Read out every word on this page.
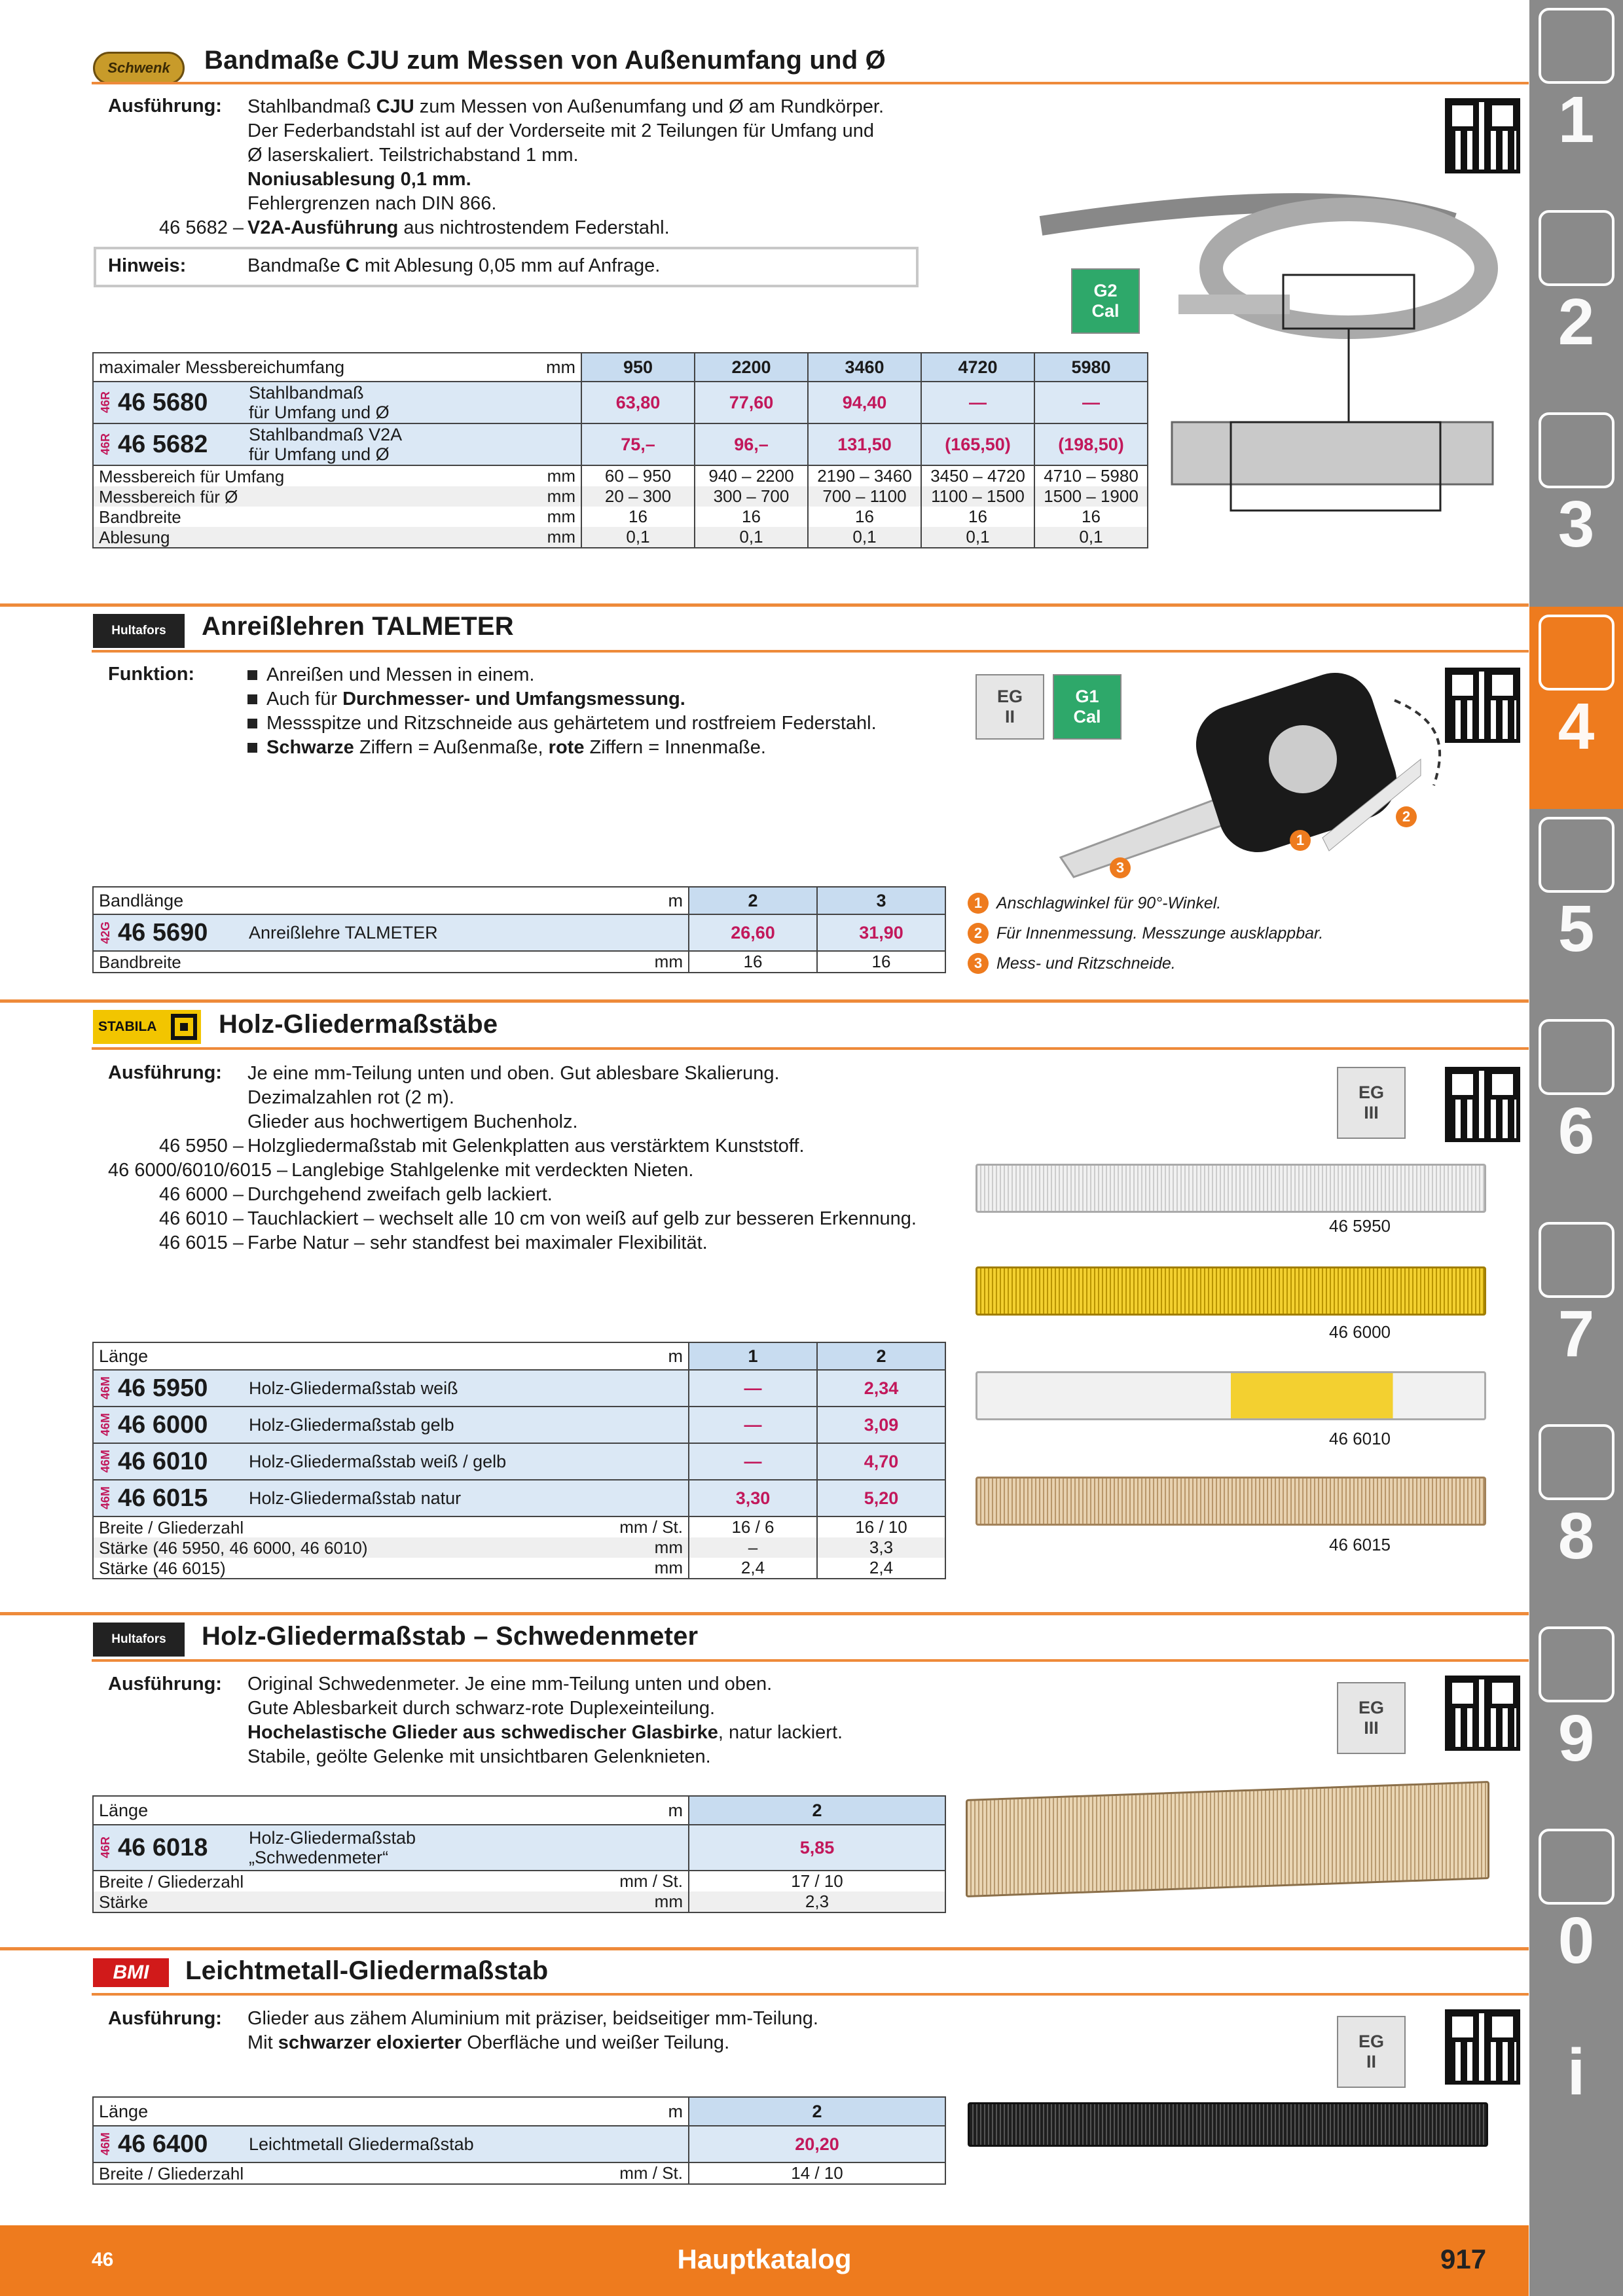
1
2
3
4
5
6
7
8
9
0
i
Schwenk	Bandmaße CJU zum Messen von Außenumfang und Ø
Ausführung: Stahlbandmaß CJU zum Messen von Außenumfang und Ø am Rundkörper.
Der Federbandstahl ist auf der Vorderseite mit 2 Teilungen für Umfang und
Ø laserskaliert. Teilstrichabstand 1 mm.
Noniusablesung 0,1 mm.
Fehlergrenzen nach DIN 866.
46 5682 – V2A-Ausführung aus nichtrostendem Federstahl.
Hinweis:	Bandmaße C mit Ablesung 0,05 mm auf Anfrage.
G2
Cal
maximaler Messbereichumfang		mm	950	2200	3460	4720	5980

46R 46 5680	Stahlbandmaß
für Umfang und Ø		63,80	77,60	94,40	—	—

46R 46 5682	Stahlbandmaß V2A
für Umfang und Ø		75,–	96,–	131,50	(165,50)	(198,50)
Messbereich für Umfang		mm	60 – 950	940 – 2200	2190 – 3460	3450 – 4720	4710 – 5980
Messbereich für Ø		mm	20 – 300	300 – 700	700 – 1100	1100 – 1500	1500 – 1900
Bandbreite		mm	16	16	16	16	16
Ablesung		mm	0,1	0,1	0,1	0,1	0,1
Hultafors	Anreißlehren TALMETER
Funktion:	Anreißen und Messen in einem.
Auch für Durchmesser- und Umfangsmessung.
Messspitze und Ritzschneide aus gehärtetem und rostfreiem Federstahl.
Schwarze Ziffern = Außenmaße, rote Ziffern = Innenmaße.
EG
II
G1
Cal
1
2
3
Bandlänge		m	2	3

42G 46 5690	Anreißlehre TALMETER		26,60	31,90
Bandbreite		mm	16	16
1 Anschlagwinkel für 90°-Winkel.
2 Für Innenmessung. Messzunge ausklappbar.
3 Mess- und Ritzschneide.
STABILA Holz-Gliedermaßstäbe
Ausführung: Je eine mm-Teilung unten und oben. Gut ablesbare Skalierung.
Dezimalzahlen rot (2 m).
Glieder aus hochwertigem Buchenholz.
46 5950 – Holzgliedermaßstab mit Gelenkplatten aus verstärktem Kunststoff.
46 6000/6010/6015 – Langlebige Stahlgelenke mit verdeckten Nieten.
46 6000 – Durchgehend zweifach gelb lackiert.
46 6010 – Tauchlackiert – wechselt alle 10 cm von weiß auf gelb zur besseren Erkennung.
46 6015 – Farbe Natur – sehr standfest bei maximaler Flexibilität.
EG
III
46 5950
46 6000
46 6010
46 6015
Länge		m	1	2

46M 46 5950	Holz-Gliedermaßstab weiß		—	2,34

46M 46 6000	Holz-Gliedermaßstab gelb		—	3,09

46M 46 6010	Holz-Gliedermaßstab weiß / gelb		—	4,70

46M 46 6015	Holz-Gliedermaßstab natur		3,30	5,20
Breite / Gliederzahl		mm / St.	16 / 6	16 / 10
Stärke (46 5950, 46 6000, 46 6010)		mm	–	3,3
Stärke (46 6015)		mm	2,4	2,4
Hultafors	Holz-Gliedermaßstab – Schwedenmeter
Ausführung: Original Schwedenmeter. Je eine mm-Teilung unten und oben.
Gute Ablesbarkeit durch schwarz-rote Duplexeinteilung.
Hochelastische Glieder aus schwedischer Glasbirke, natur lackiert.
Stabile, geölte Gelenke mit unsichtbaren Gelenknieten.
EG
III
Länge		m	2

46R 46 6018	Holz-Gliedermaßstab
„Schwedenmeter“		5,85
Breite / Gliederzahl		mm / St.	17 / 10
Stärke		mm	2,3
BMI	Leichtmetall-Gliedermaßstab
Ausführung: Glieder aus zähem Aluminium mit präziser, beidseitiger mm-Teilung.
Mit schwarzer eloxierter Oberfläche und weißer Teilung.	EG
II
Länge		m	2

46M 46 6400	Leichtmetall Gliedermaßstab		20,20
Breite / Gliederzahl		mm / St.	14 / 10
46	Hauptkatalog	917
